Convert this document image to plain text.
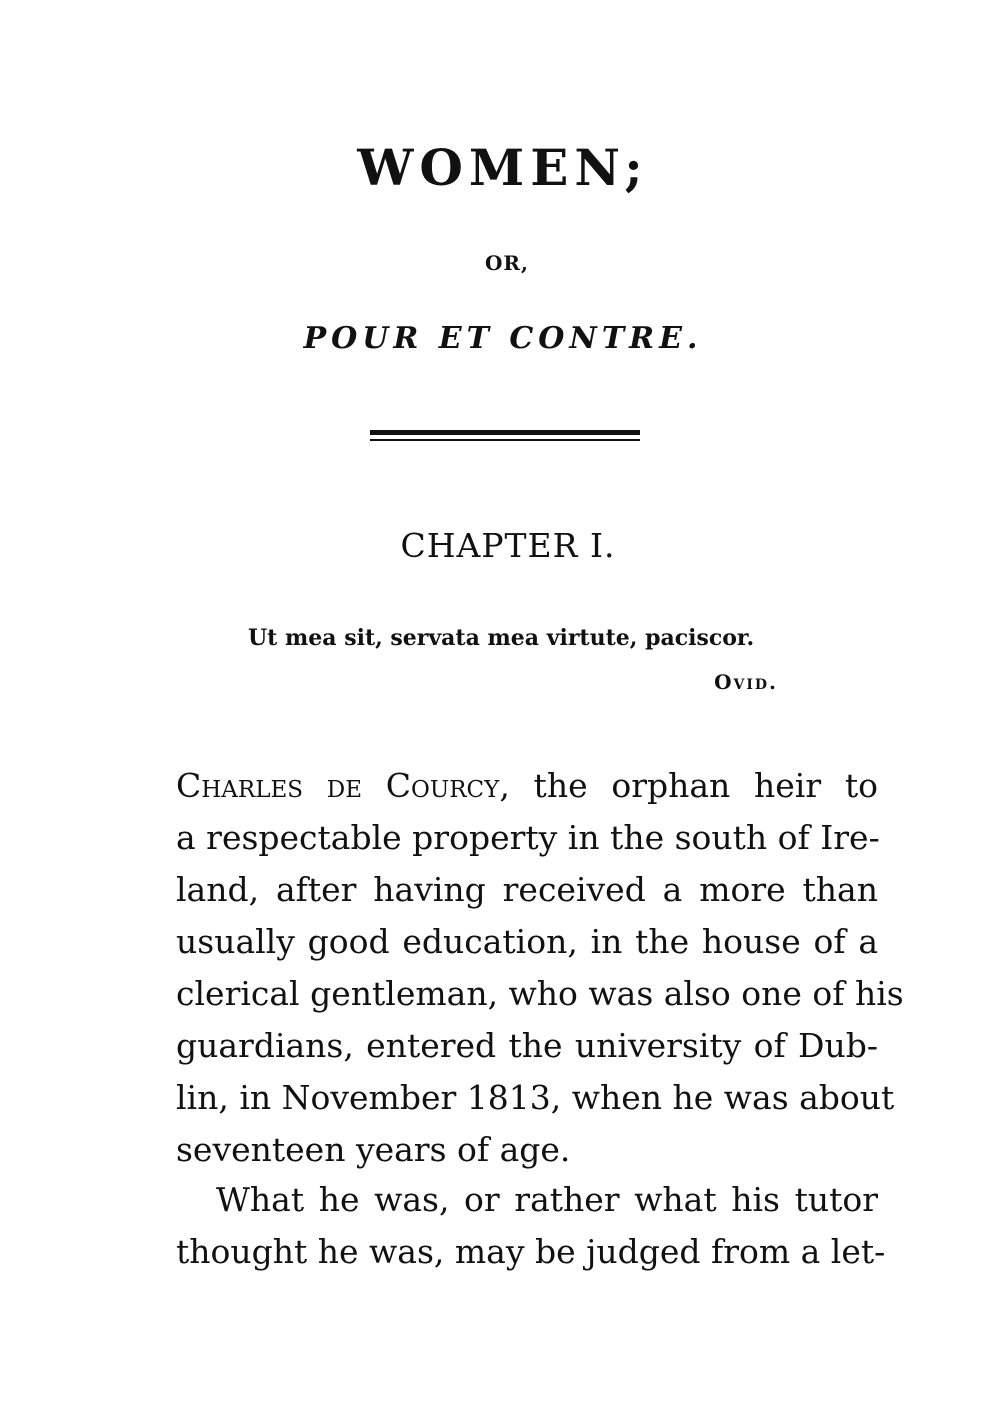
WOMEN;
OR,
POUR ET CONTRE.
CHAPTER I.
Ut mea sit, servata mea virtute, paciscor.
Ovid.
Charles de Courcy, the orphan heir to
a respectable property in the south of Ire-
land, after having received a more than
usually good education, in the house of a
clerical gentleman, who was also one of his
guardians, entered the university of Dub-
lin, in November 1813, when he was about
seventeen years of age.
What he was, or rather what his tutor
thought he was, may be judged from a let-
